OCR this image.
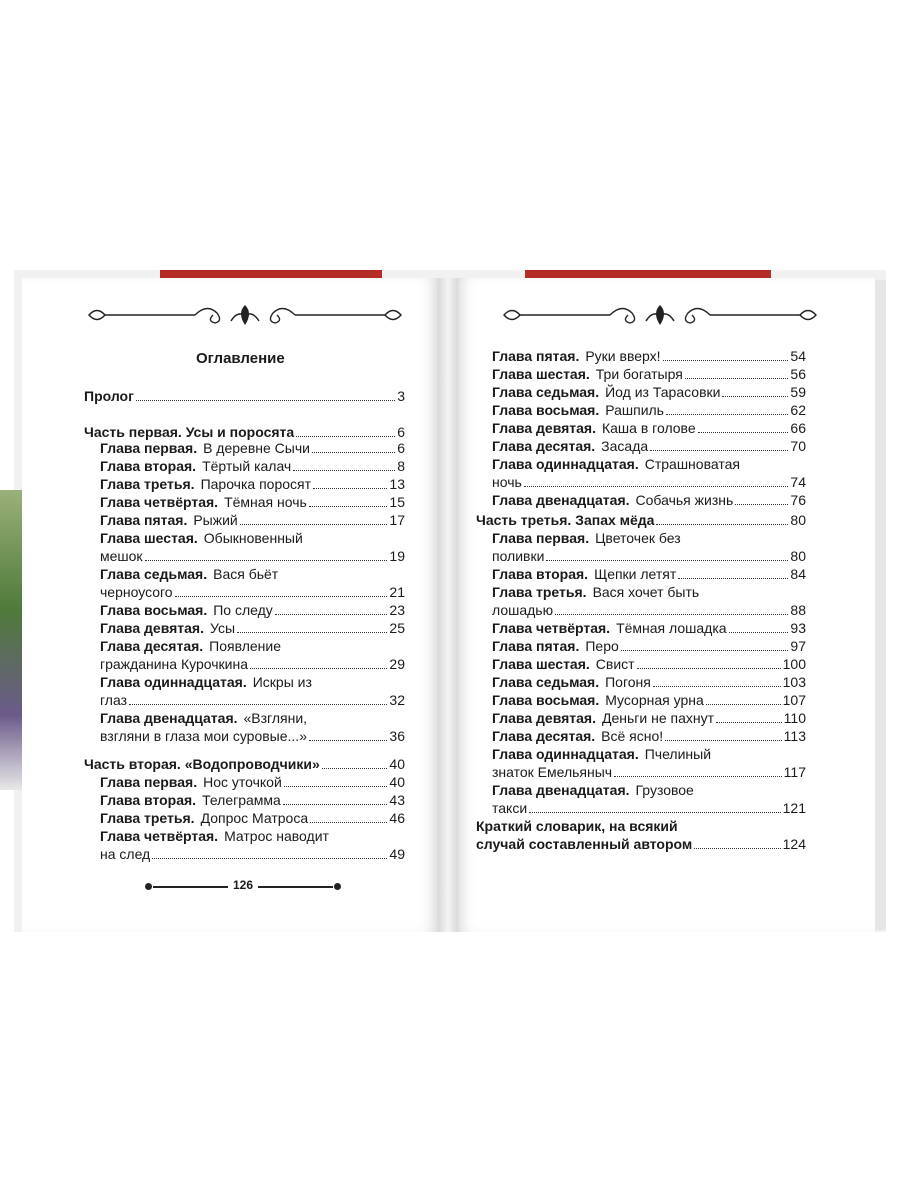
Оглавление
Пролог	3
Часть первая. Усы и поросята	6
Глава первая. В деревне Сычи	6
Глава вторая. Тёртый калач	8
Глава третья. Парочка поросят	13
Глава четвёртая. Тёмная ночь	15
Глава пятая. Рыжий	17
Глава шестая. Обыкновенный
мешок	19
Глава седьмая. Вася бьёт
черноусого	21
Глава восьмая. По следу	23
Глава девятая. Усы	25
Глава десятая. Появление
гражданина Курочкина	29
Глава одиннадцатая. Искры из
глаз	32
Глава двенадцатая. «Взгляни,
взгляни в глаза мои суровые...»	36
Часть вторая. «Водопроводчики»	40
Глава первая. Нос уточкой	40
Глава вторая. Телеграмма	43
Глава третья. Допрос Матроса	46
Глава четвёртая. Матрос наводит
на след	49
Глава пятая. Руки вверх!	54
Глава шестая. Три богатыря	56
Глава седьмая. Йод из Тарасовки	59
Глава восьмая. Рашпиль	62
Глава девятая. Каша в голове	66
Глава десятая. Засада	70
Глава одиннадцатая. Страшноватая
ночь	74
Глава двенадцатая. Собачья жизнь	76
Часть третья. Запах мёда	80
Глава первая. Цветочек без
поливки	80
Глава вторая. Щепки летят	84
Глава третья. Вася хочет быть
лошадью	88
Глава четвёртая. Тёмная лошадка	93
Глава пятая. Перо	97
Глава шестая. Свист	100
Глава седьмая. Погоня	103
Глава восьмая. Мусорная урна	107
Глава девятая. Деньги не пахнут	110
Глава десятая. Всё ясно!	113
Глава одиннадцатая. Пчелиный
знаток Емельяныч	117
Глава двенадцатая. Грузовое
такси	121
Краткий словарик, на всякий
случай составленный автором	124
126
